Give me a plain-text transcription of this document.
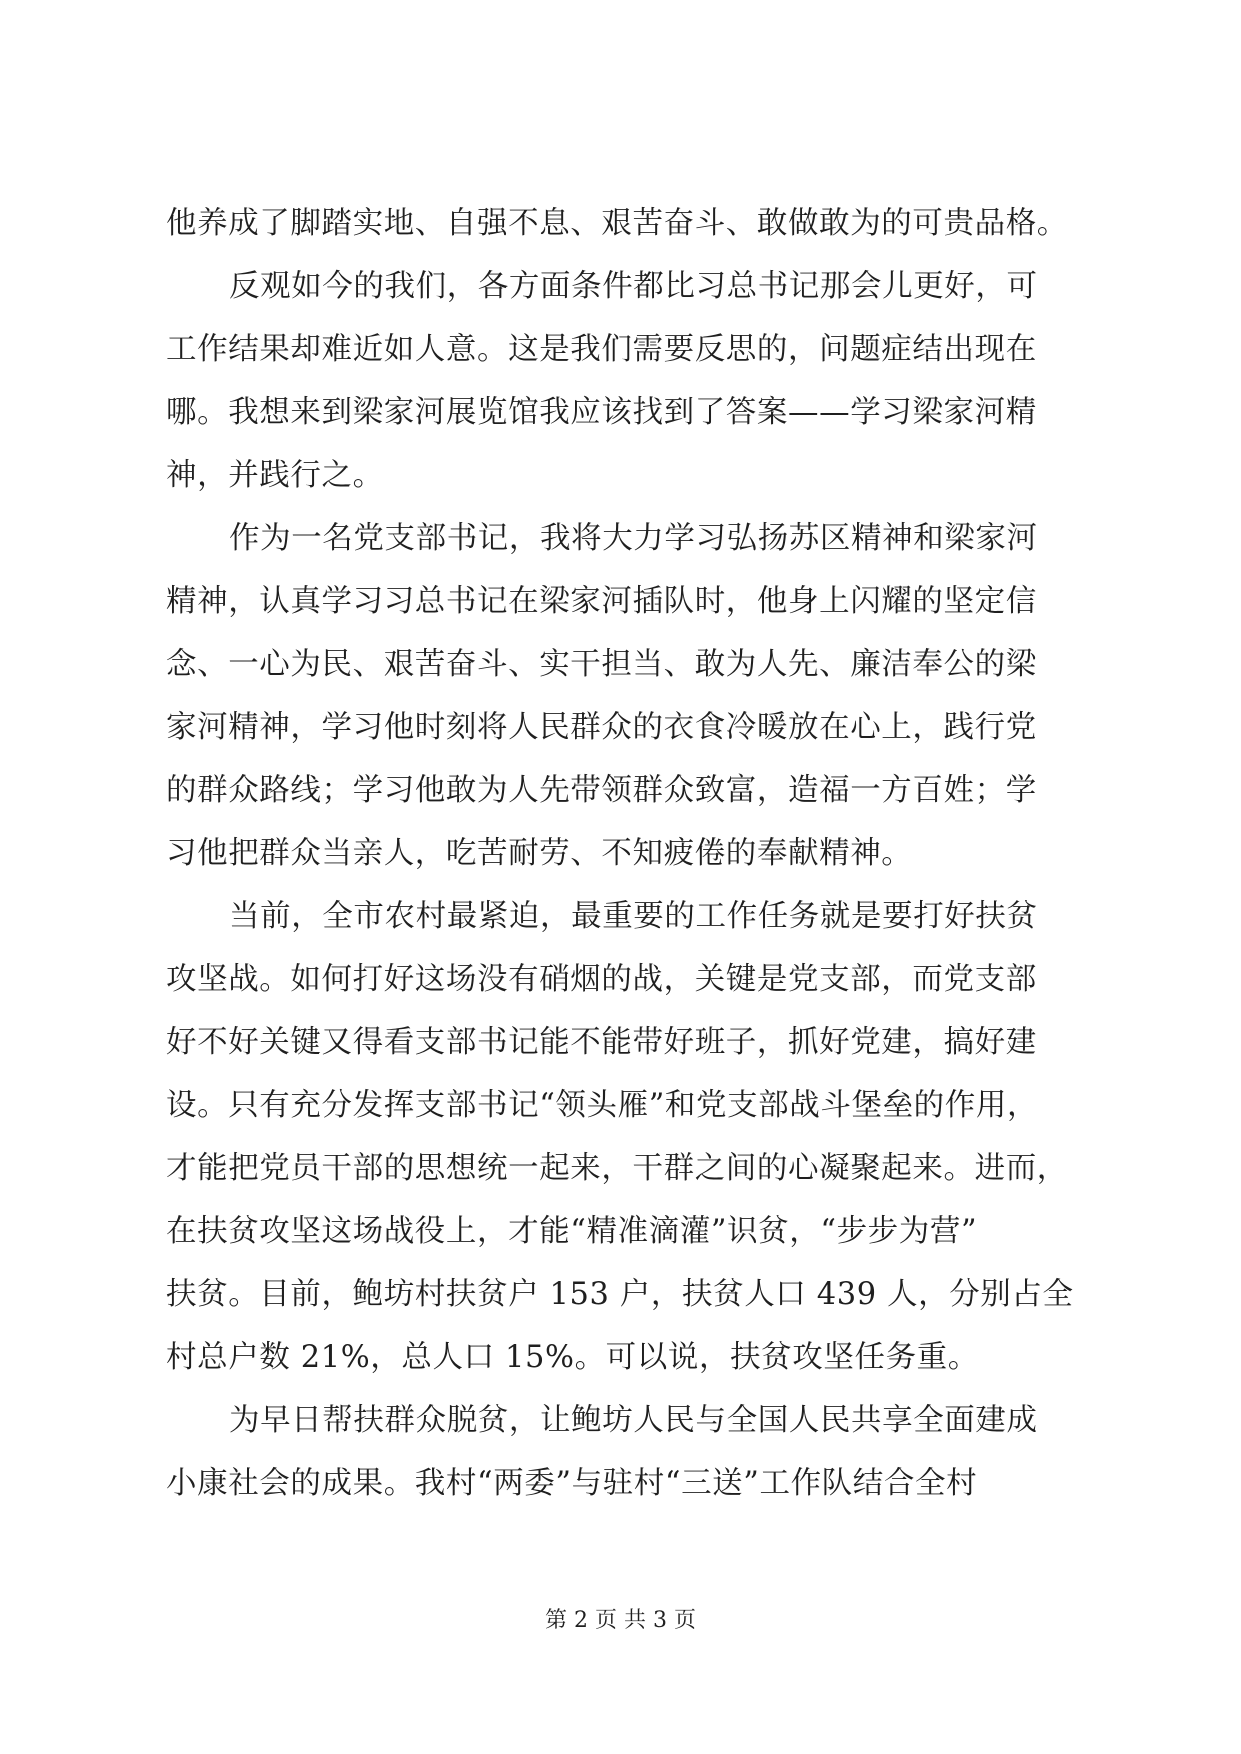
他养成了脚踏实地、自强不息、艰苦奋斗、敢做敢为的可贵品格。

反观如今的我们，各方面条件都比习总书记那会儿更好，可
工作结果却难近如人意。这是我们需要反思的，问题症结出现在
哪。我想来到梁家河展览馆我应该找到了答案——学习梁家河精
神，并践行之。

作为一名党支部书记，我将大力学习弘扬苏区精神和梁家河
精神，认真学习习总书记在梁家河插队时，他身上闪耀的坚定信
念、一心为民、艰苦奋斗、实干担当、敢为人先、廉洁奉公的梁
家河精神，学习他时刻将人民群众的衣食冷暖放在心上，践行党
的群众路线；学习他敢为人先带领群众致富，造福一方百姓；学
习他把群众当亲人，吃苦耐劳、不知疲倦的奉献精神。

当前，全市农村最紧迫，最重要的工作任务就是要打好扶贫
攻坚战。如何打好这场没有硝烟的战，关键是党支部，而党支部
好不好关键又得看支部书记能不能带好班子，抓好党建，搞好建
设。只有充分发挥支部书记“领头雁”和党支部战斗堡垒的作用，
才能把党员干部的思想统一起来，干群之间的心凝聚起来。进而，
在扶贫攻坚这场战役上，才能“精准滴灌”识贫，“步步为营”
扶贫。目前，鲍坊村扶贫户 153 户，扶贫人口 439 人，分别占全
村总户数 21%，总人口 15%。可以说，扶贫攻坚任务重。

为早日帮扶群众脱贫，让鲍坊人民与全国人民共享全面建成
小康社会的成果。我村“两委”与驻村“三送”工作队结合全村

第 2 页 共 3 页
